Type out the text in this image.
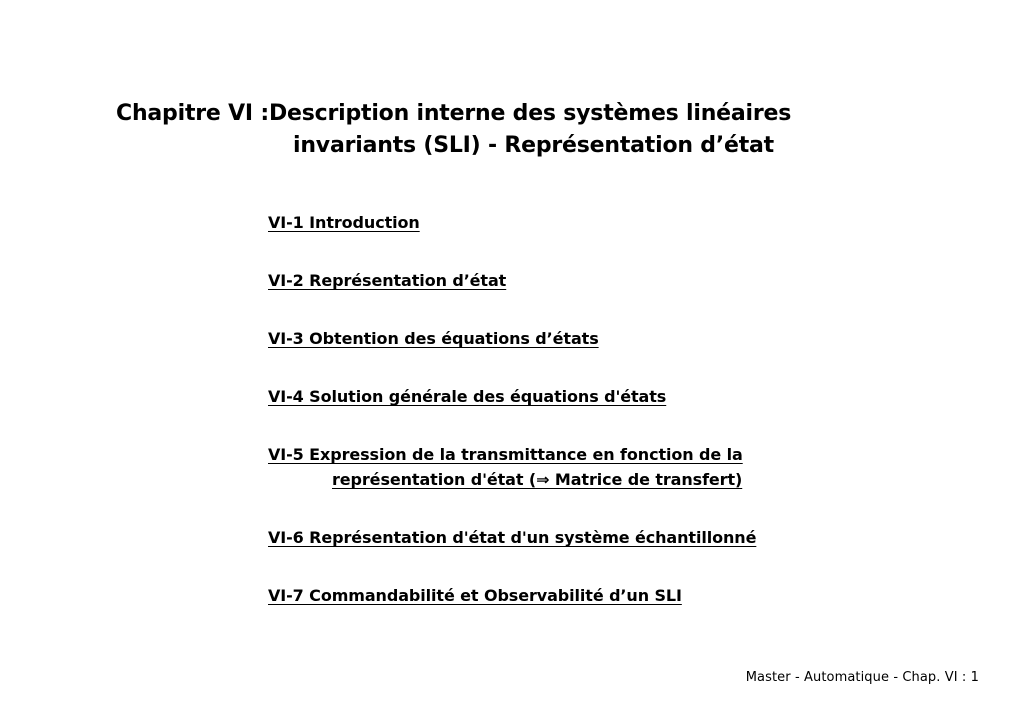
Chapitre VI :Description interne des systèmes linéaires
invariants (SLI) - Représentation d’état
VI-1 Introduction
VI-2 Représentation d’état
VI-3 Obtention des équations d’états
VI-4 Solution générale des équations d'états
VI-5 Expression de la transmittance en fonction de la
représentation d'état (⇒ Matrice de transfert)
VI-6 Représentation d'état d'un système échantillonné
VI-7 Commandabilité et Observabilité d’un SLI
Master - Automatique - Chap. VI : 1
